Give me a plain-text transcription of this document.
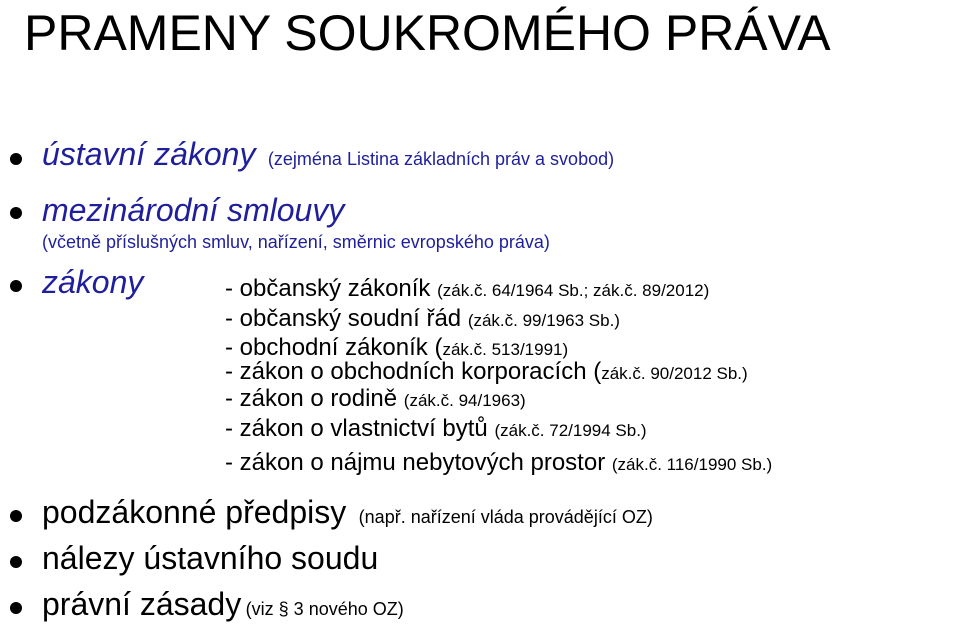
PRAMENY SOUKROMÉHO PRÁVA
ústavní zákony (zejména Listina základních práv a svobod)
mezinárodní smlouvy
(včetně příslušných smluv, nařízení, směrnic evropského práva)
zákony	- občanský zákoník (zák.č. 64/1964 Sb.; zák.č. 89/2012)
- občanský soudní řád (zák.č. 99/1963 Sb.)
- obchodní zákoník (zák.č. 513/1991)
- zákon o obchodních korporacích (zák.č. 90/2012 Sb.)
- zákon o rodině (zák.č. 94/1963)
- zákon o vlastnictví bytů (zák.č. 72/1994 Sb.)
- zákon o nájmu nebytových prostor (zák.č. 116/1990 Sb.)
podzákonné předpisy (např. nařízení vláda provádějící OZ)
nálezy ústavního soudu
právní zásady (viz § 3 nového OZ)
